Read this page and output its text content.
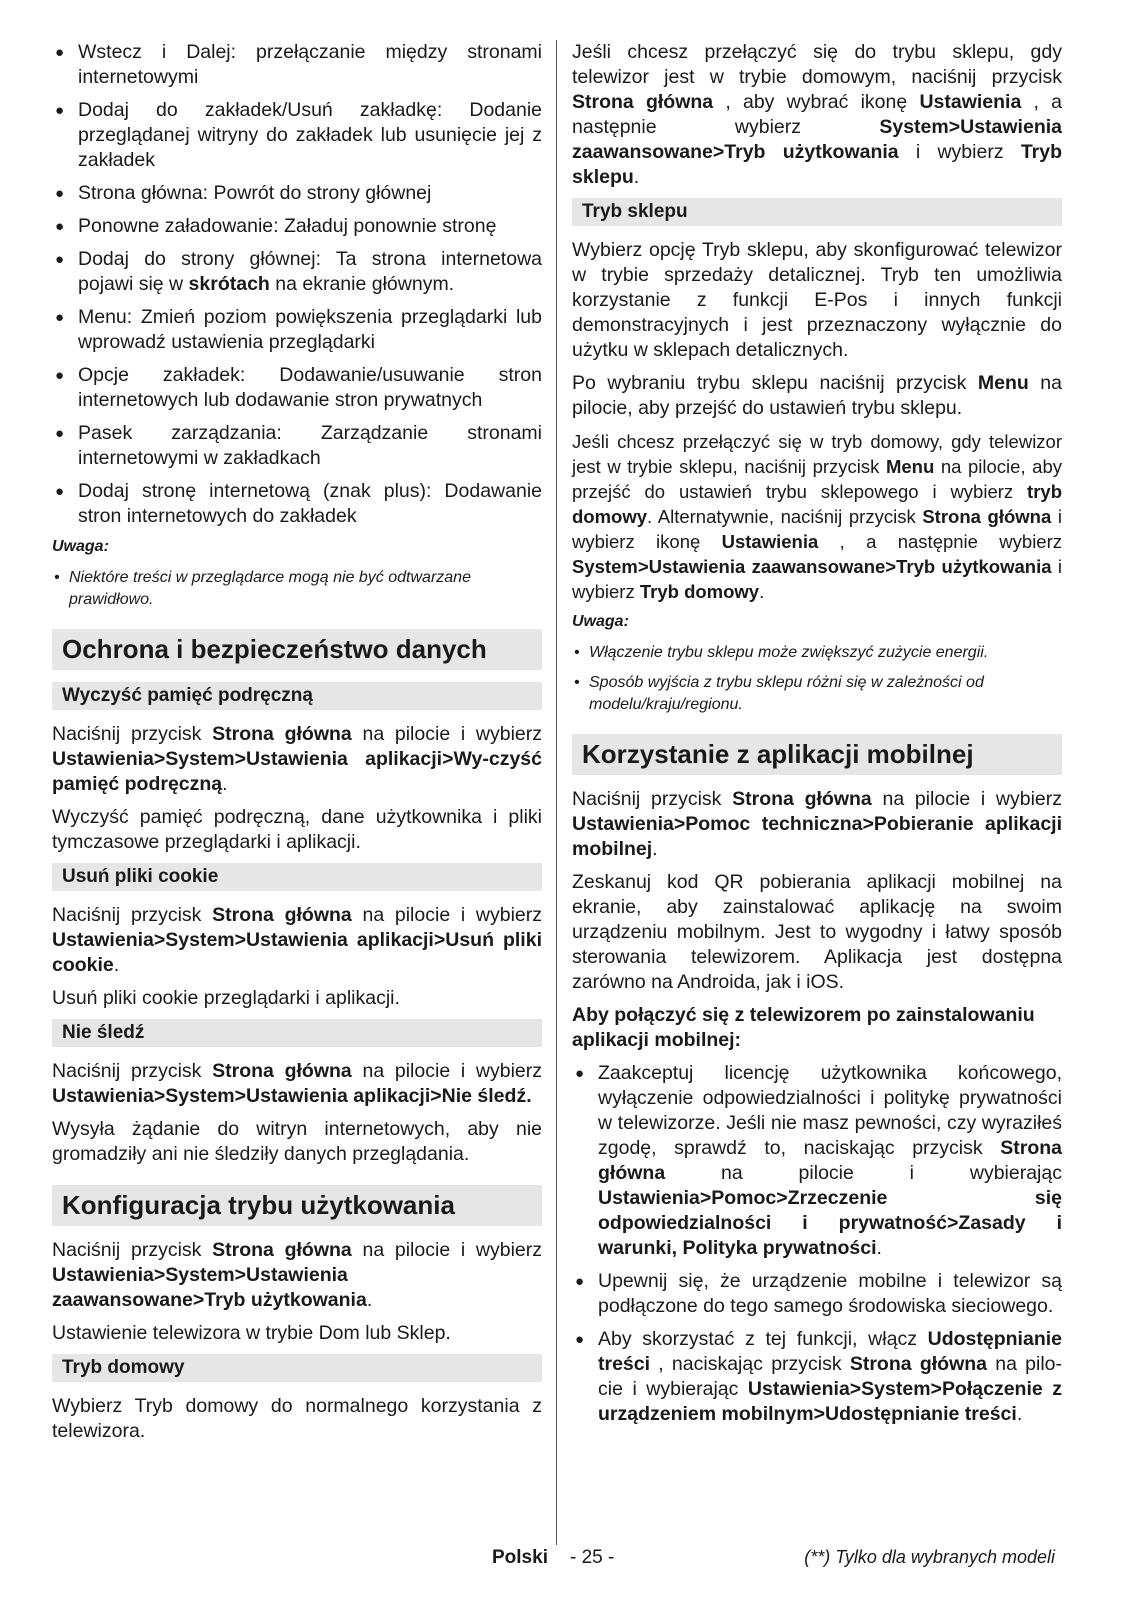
● Wstecz i Dalej: przełączanie między stronami internetowymi
● Dodaj do zakładek/Usuń zakładkę: Dodanie przeglądanej witryny do zakładek lub usunięcie jej z zakładek
● Strona główna: Powrót do strony głównej
● Ponowne załadowanie: Załaduj ponownie stronę
● Dodaj do strony głównej: Ta strona internetowa pojawi się w skrótach na ekranie głównym.
● Menu: Zmień poziom powiększenia przeglądarki lub wprowadź ustawienia przeglądarki
● Opcje zakładek: Dodawanie/usuwanie stron internetowych lub dodawanie stron prywatnych
● Pasek zarządzania: Zarządzanie stronami internetowymi w zakładkach
● Dodaj stronę internetową (znak plus): Dodawanie stron internetowych do zakładek
Uwaga:
• Niektóre treści w przeglądarce mogą nie być odtwarzane prawidłowo.
Ochrona i bezpieczeństwo danych
Wyczyść pamięć podręczną

Naciśnij przycisk Strona główna na pilocie i wybierz Ustawienia>System>Ustawienia aplikacji>Wy-czyść pamięć podręczną.

Wyczyść pamięć podręczną, dane użytkownika i pliki tymczasowe przeglądarki i aplikacji.

Usuń pliki cookie

Naciśnij przycisk Strona główna na pilocie i wybierz Ustawienia>System>Ustawienia aplikacji>Usuń pliki cookie.

Usuń pliki cookie przeglądarki i aplikacji.

Nie śledź

Naciśnij przycisk Strona główna na pilocie i wybierz Ustawienia>System>Ustawienia aplikacji>Nie śledź.

Wysyła żądanie do witryn internetowych, aby nie gromadziły ani nie śledziły danych przeglądania.

Konfiguracja trybu użytkowania

Naciśnij przycisk Strona główna na pilocie i wybierz Ustawienia>System>Ustawienia zaawansowane>Tryb użytkowania.

Ustawienie telewizora w trybie Dom lub Sklep.

Tryb domowy

Wybierz Tryb domowy do normalnego korzystania z telewizora.

Jeśli chcesz przełączyć się do trybu sklepu, gdy telewizor jest w trybie domowym, naciśnij przycisk Strona główna , aby wybrać ikonę Ustawienia , a następnie wybierz System>Ustawienia zaawansowane>Tryb użytkowania i wybierz Tryb sklepu.

Tryb sklepu

Wybierz opcję Tryb sklepu, aby skonfigurować telewizor w trybie sprzedaży detalicznej. Tryb ten umożliwia korzystanie z funkcji E-Pos i innych funkcji demonstracyjnych i jest przeznaczony wyłącznie do użytku w sklepach detalicznych.

Po wybraniu trybu sklepu naciśnij przycisk Menu na pilocie, aby przejść do ustawień trybu sklepu.

Jeśli chcesz przełączyć się w tryb domowy, gdy telewizor jest w trybie sklepu, naciśnij przycisk Menu na pilocie, aby przejść do ustawień trybu sklepowego i wybierz tryb domowy. Alternatywnie, naciśnij przycisk Strona główna i wybierz ikonę Ustawienia , a następnie wybierz System>Ustawienia zaawansowane>Tryb użytkowania i wybierz Tryb domowy.

Uwaga:
• Włączenie trybu sklepu może zwiększyć zużycie energii.
• Sposób wyjścia z trybu sklepu różni się w zależności od modelu/kraju/regionu.
Korzystanie z aplikacji mobilnej

Naciśnij przycisk Strona główna na pilocie i wybierz Ustawienia>Pomoc techniczna>Pobieranie aplikacji mobilnej.

Zeskanuj kod QR pobierania aplikacji mobilnej na ekranie, aby zainstalować aplikację na swoim urządzeniu mobilnym. Jest to wygodny i łatwy sposób sterowania telewizorem. Aplikacja jest dostępna zarówno na Androida, jak i iOS.

Aby połączyć się z telewizorem po zainstalowaniu aplikacji mobilnej:

● Zaakceptuj licencję użytkownika końcowego, wyłączenie odpowiedzialności i politykę prywatności w telewizorze. Jeśli nie masz pewności, czy wyraziłeś zgodę, sprawdź to, naciskając przycisk Strona główna na pilocie i wybierając Ustawienia>Pomoc>Zrzeczenie się odpowiedzialności i prywatność>Zasady i warunki, Polityka prywatności.
● Upewnij się, że urządzenie mobilne i telewizor są podłączone do tego samego środowiska sieciowego.
● Aby skorzystać z tej funkcji, włącz Udostępnianie treści , naciskając przycisk Strona główna na pilo-cie i wybierając Ustawienia>System>Połączenie z urządzeniem mobilnym>Udostępnianie treści.
Polski - 25 -	(**) Tylko dla wybranych modeli
